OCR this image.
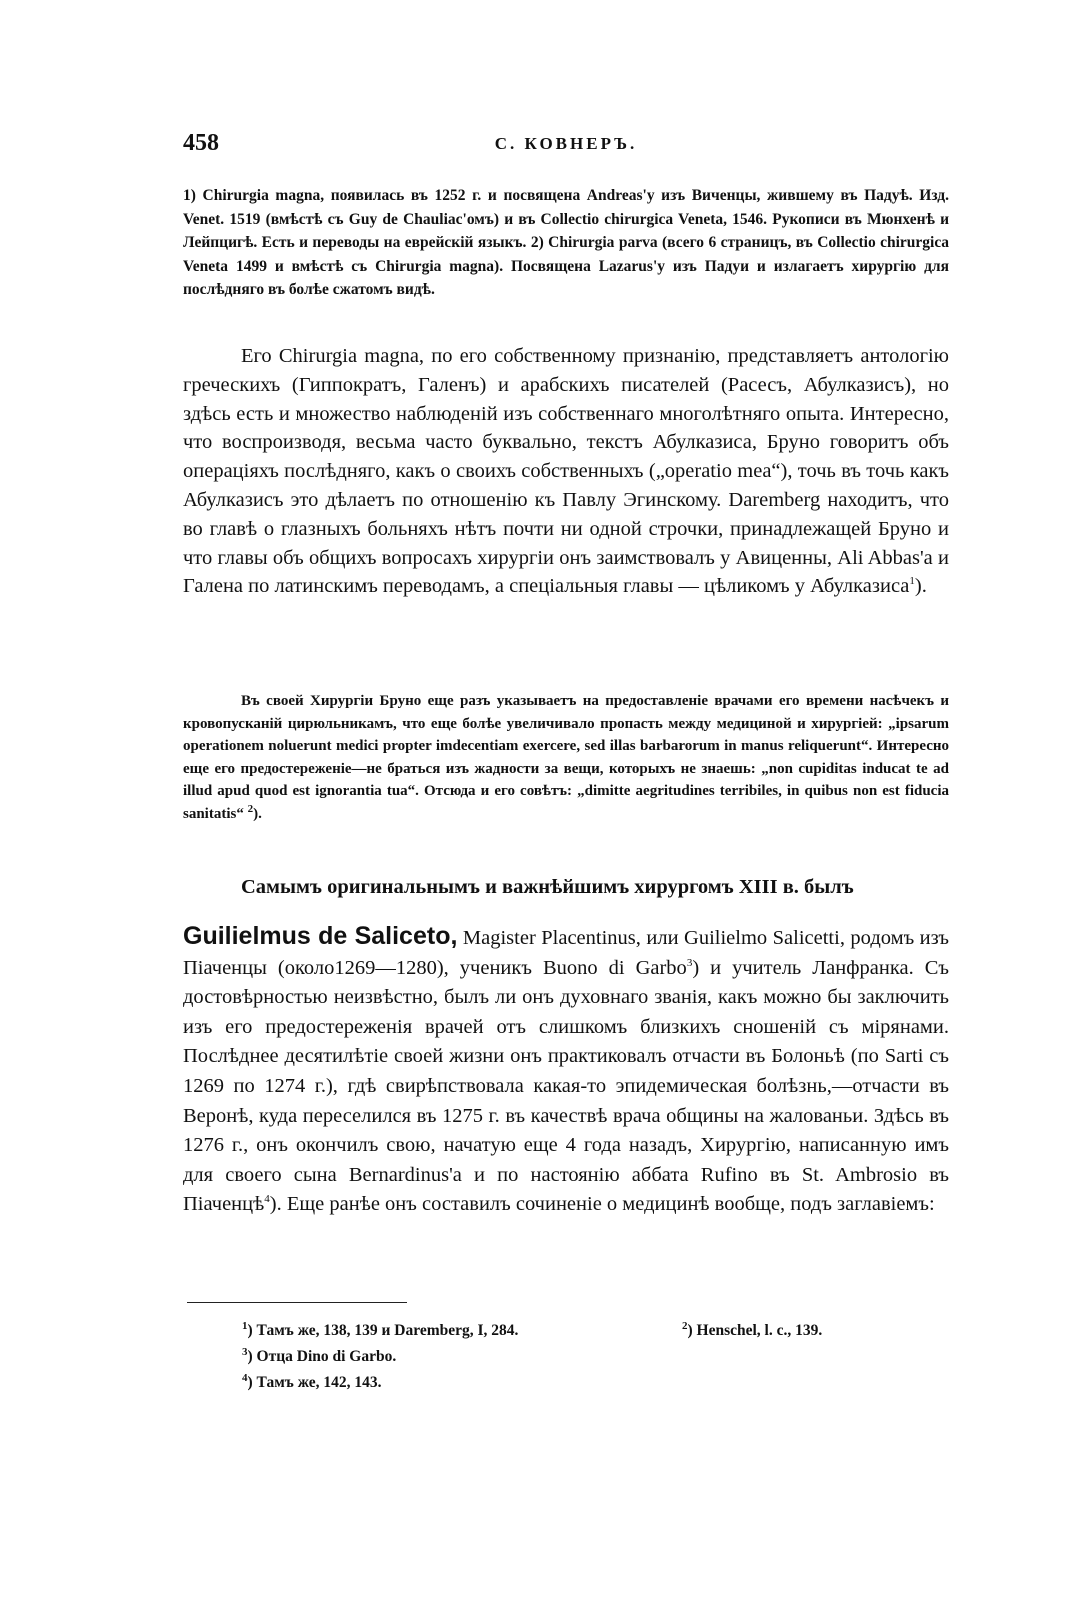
458	С. КОВНЕРЪ.
1) Chirurgia magna, появилась въ 1252 г. и посвящена Andreas'у изъ Виченцы, жившему въ Падуѣ. Изд. Venet. 1519 (вмѣстѣ съ Guy de Chauliac'омъ) и въ Collectio chirurgica Veneta, 1546. Рукописи въ Мюнхенѣ и Лейпцигѣ. Есть и переводы на еврейскій языкъ. 2) Chirurgia parva (всего 6 страницъ, въ Collectio chirurgica Veneta 1499 и вмѣстѣ съ Chirurgia magna). Посвящена Lazarus'у изъ Падуи и излагаетъ хирургію для послѣдняго въ болѣе сжатомъ видѣ.
Его Chirurgia magna, по его собственному признанію, представляетъ антологію греческихъ (Гиппократъ, Галенъ) и арабскихъ писателей (Расесъ, Абулказисъ), но здѣсь есть и множество наблюденій изъ собственнаго многолѣтняго опыта. Интересно, что воспроизводя, весьма часто буквально, текстъ Абулказиса, Бруно говоритъ объ операціяхъ послѣдняго, какъ о своихъ собственныхъ („operatio mea“), точь въ точь какъ Абулказисъ это дѣлаетъ по отношенію къ Павлу Эгинскому. Daremberg находитъ, что во главѣ о глазныхъ больняхъ нѣтъ почти ни одной строчки, принадлежащей Бруно и что главы объ общихъ вопросахъ хирургіи онъ заимствовалъ у Авиценны, Ali Abbas'а и Галена по латинскимъ переводамъ, а спеціальныя главы — цѣликомъ у Абулказиса$^1$).
Въ своей Хирургіи Бруно еще разъ указываетъ на предоставленіе врачами его времени насѣчекъ и кровопусканій цирюльникамъ, что еще болѣе увеличивало пропасть между медициной и хирургіей: „ipsarum operationem noluerunt medici propter imdecentiam exercere, sed illas barbarorum in manus reliquerunt“. Интересно еще его предостереженіе—не браться изъ жадности за вещи, которыхъ не знаешь: „non cupiditas inducat te ad illud apud quod est ignorantia tua“. Отсюда и его совѣтъ: „dimitte aegritudines terribiles, in quibus non est fiducia sanitatis“ $^2$).
Самымъ оригинальнымъ и важнѣйшимъ хирургомъ XIII в. былъ
Guilielmus de Saliceto, Magister Placentinus, или Guilielmo Salicetti, родомъ изъ Піаченцы (около1269—1280), ученикъ Buono di Garbo$^3$) и учитель Ланфранка. Съ достовѣрностью неизвѣстно, былъ ли онъ духовнаго званія, какъ можно бы заключить изъ его предостереженія врачей отъ слишкомъ близкихъ сношеній съ мірянами. Послѣднее десятилѣтіе своей жизни онъ практиковалъ отчасти въ Болоньѣ (по Sarti съ 1269 по 1274 г.), гдѣ свирѣпствовала какая-то эпидемическая болѣзнь,—отчасти въ Веронѣ, куда переселился въ 1275 г. въ качествѣ врача общины на жалованьи. Здѣсь въ 1276 г., онъ окончилъ свою, начатую еще 4 года назадъ, Хирургію, написанную имъ для своего сына Bernardinus'а и по настоянію аббата Rufino въ St. Ambrosio въ Піаченцѣ$^4$). Еще ранѣе онъ составилъ сочиненіе о медицинѣ вообще, подъ заглавіемъ:
$^1$) Тамъ же, 138, 139 и Daremberg, I, 284.	$^2$) Henschel, l. c., 139.
$^3$) Отца Dino di Garbo.
$^4$) Тамъ же, 142, 143.
